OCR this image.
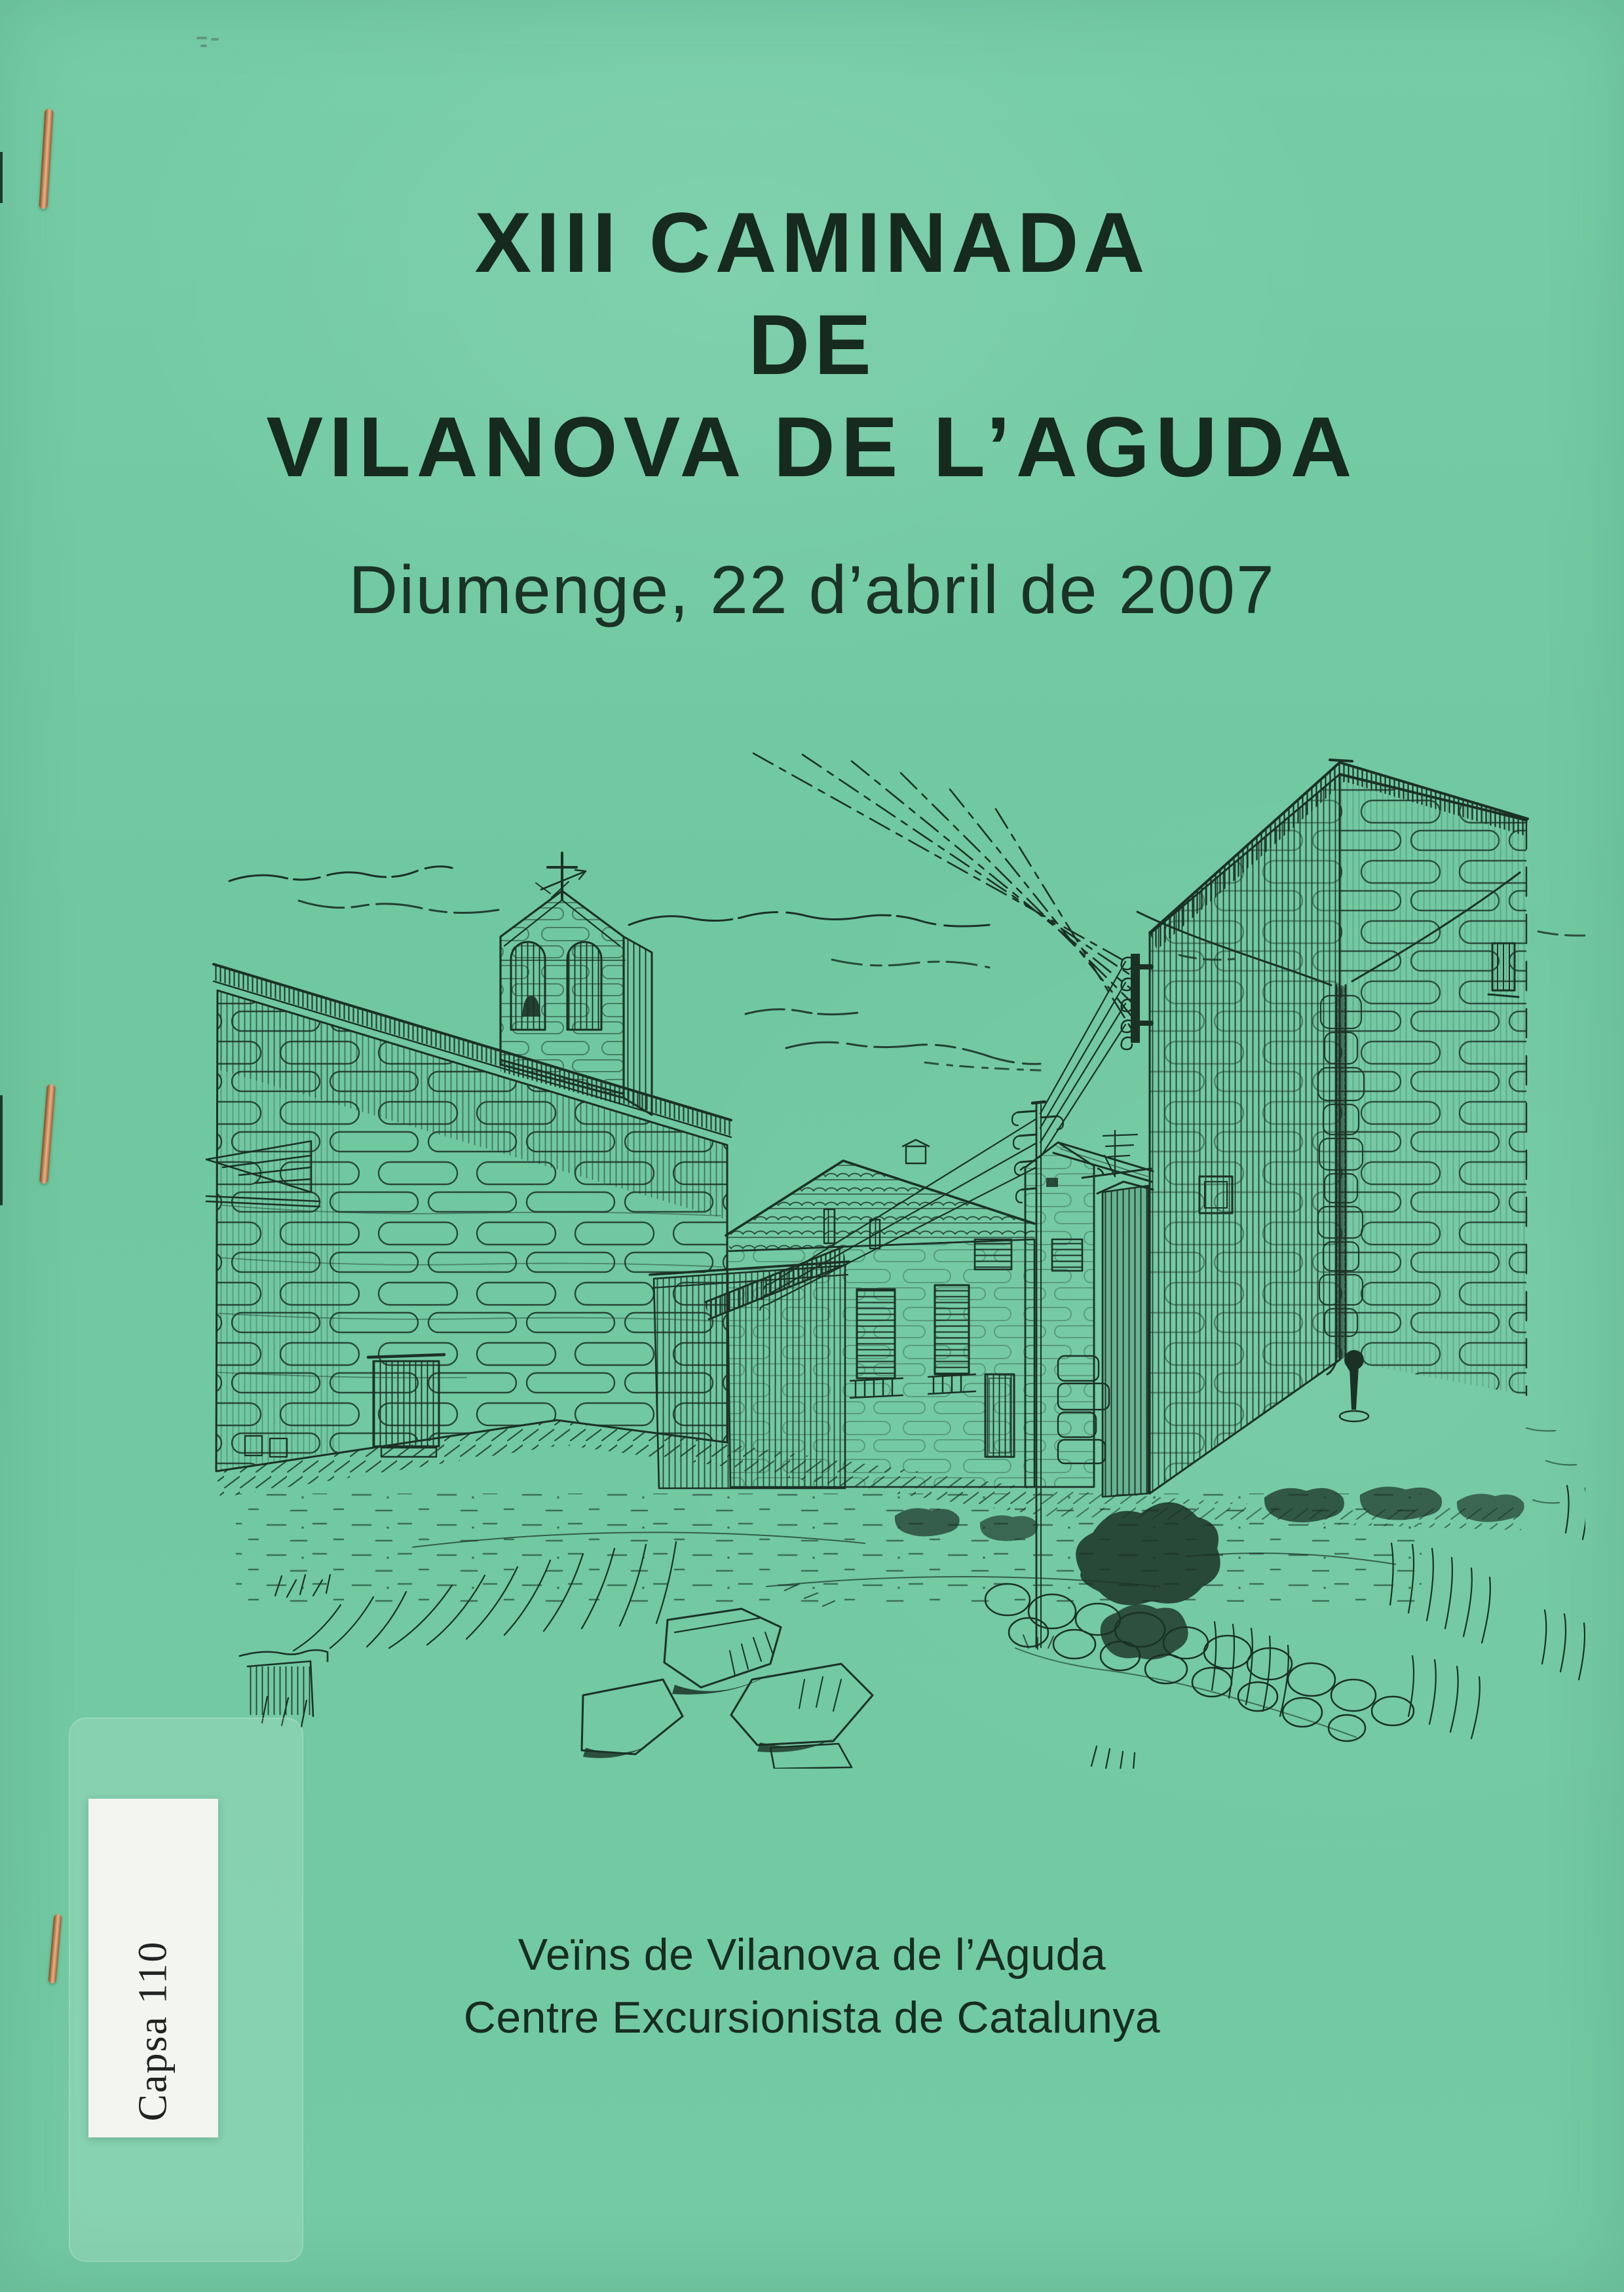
XIII CAMINADA
DE
VILANOVA DE L’AGUDA
Diumenge, 22 d’abril de 2007
Veïns de Vilanova de l’Aguda
Centre Excursionista de Catalunya
Capsa 110
